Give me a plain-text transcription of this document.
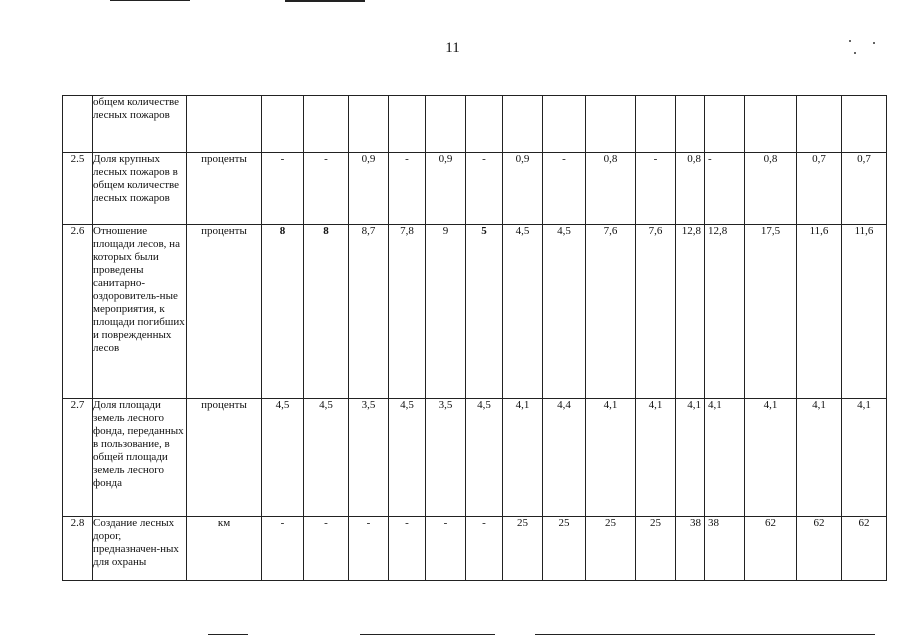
11
	общем количестве лесных пожаров																
2.5	Доля крупных лесных пожаров в общем количестве лесных пожаров	проценты	-	-	0,9	-	0,9	-	0,9	-	0,8	-	0,8	-	0,8	0,7	0,7
2.6	Отношение площади лесов, на которых были проведены санитарно-оздоровитель-ные мероприятия, к площади погибших и поврежденных лесов	проценты	8	8	8,7	7,8	9	5	4,5	4,5	7,6	7,6	12,8	12,8	17,5	11,6	11,6
2.7	Доля площади земель лесного фонда, переданных в пользование, в общей площади земель лесного фонда	проценты	4,5	4,5	3,5	4,5	3,5	4,5	4,1	4,4	4,1	4,1	4,1	4,1	4,1	4,1	4,1
2.8	Создание лесных дорог, предназначен-ных для охраны	км	-	-	-	-	-	-	25	25	25	25	38	38	62	62	62
